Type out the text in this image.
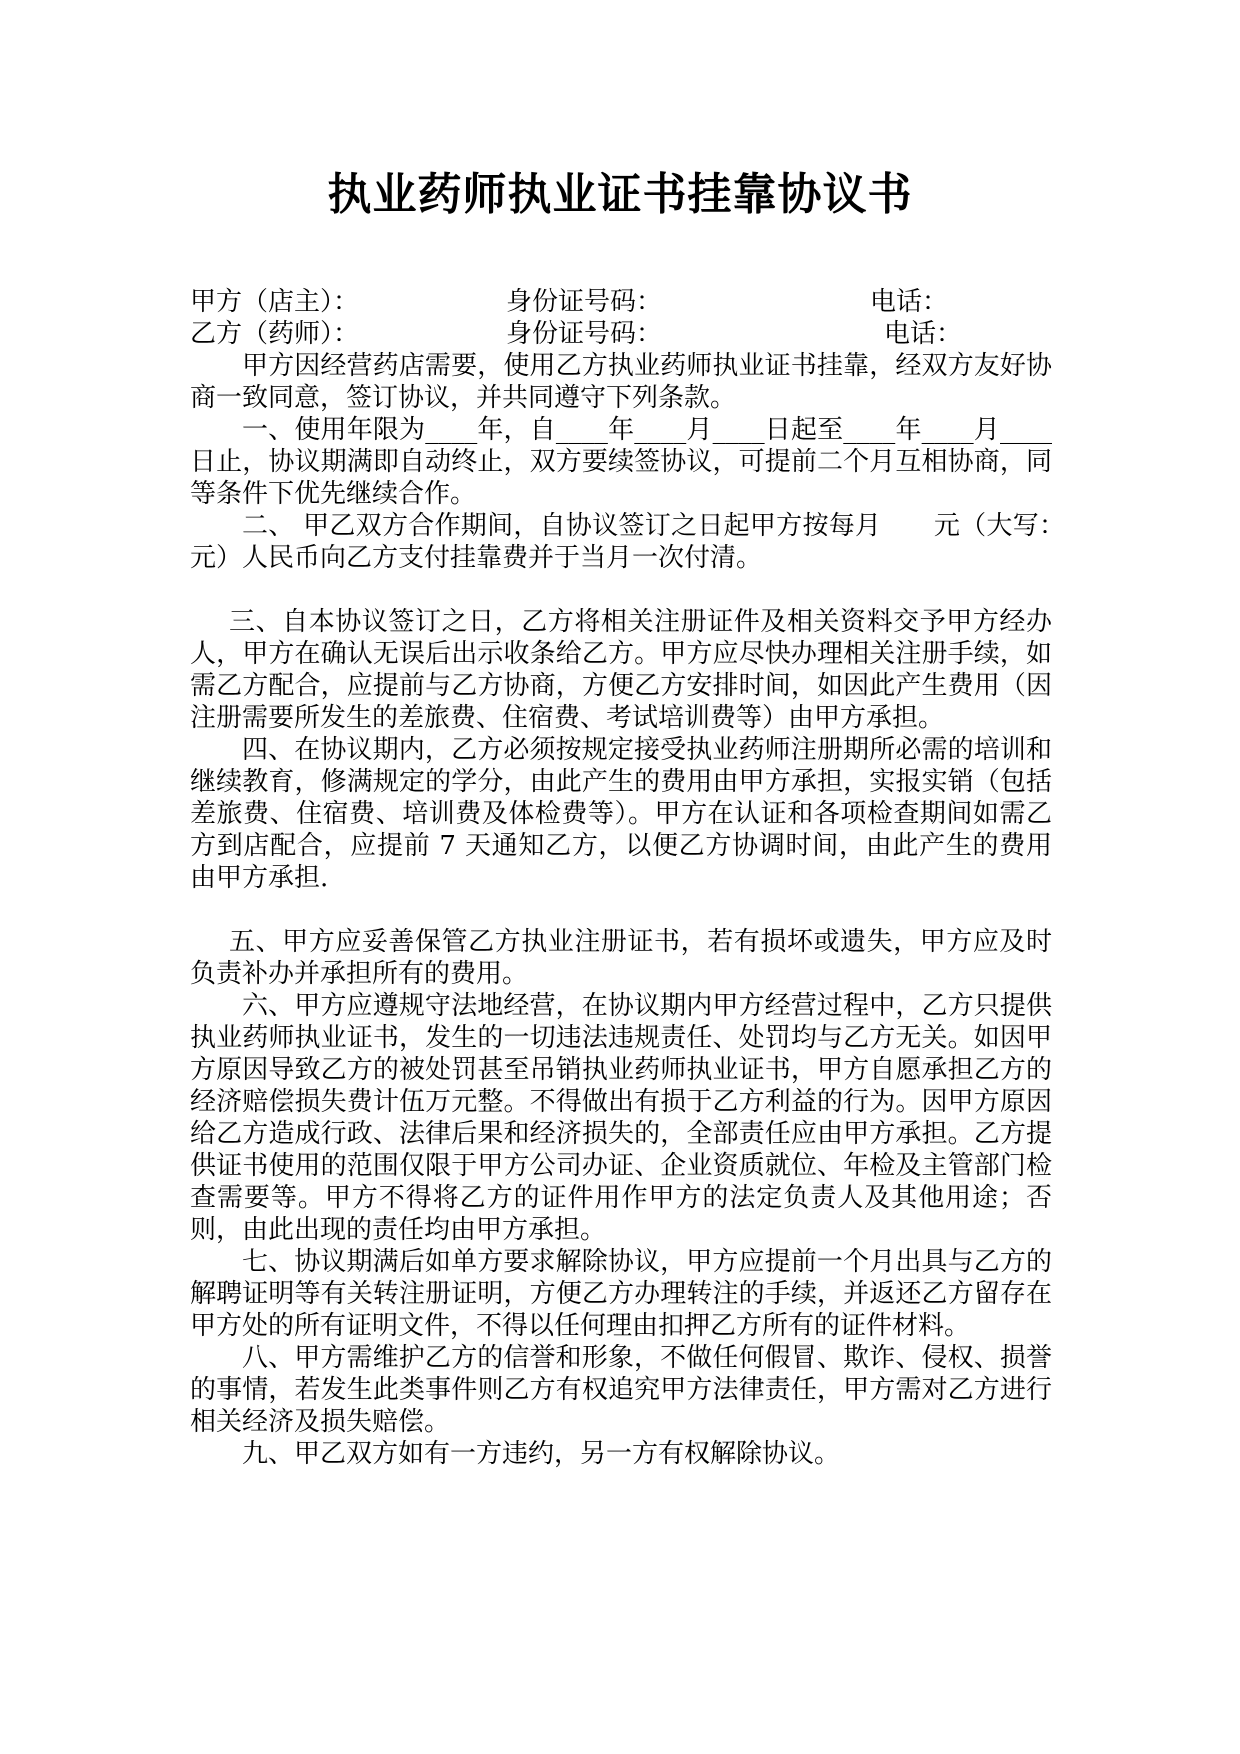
执业药师执业证书挂靠协议书
甲方（店主）：	身份证号码：	电话：
乙方（药师）：	身份证号码：	电话：

甲方因经营药店需要，使用乙方执业药师执业证书挂靠，经双方友好协商一致同意，签订协议，并共同遵守下列条款。

一、使用年限为____年，自____年____月____日起至____年____月____日止，协议期满即自动终止，双方要续签协议，可提前二个月互相协商，同等条件下优先继续合作。

二、 甲乙双方合作期间，自协议签订之日起甲方按每月　　元（大写：　　　元）人民币向乙方支付挂靠费并于当月一次付清。

三、自本协议签订之日，乙方将相关注册证件及相关资料交予甲方经办人，甲方在确认无误后出示收条给乙方。甲方应尽快办理相关注册手续，如需乙方配合，应提前与乙方协商，方便乙方安排时间，如因此产生费用（因注册需要所发生的差旅费、住宿费、考试培训费等）由甲方承担。

四、在协议期内，乙方必须按规定接受执业药师注册期所必需的培训和继续教育，修满规定的学分，由此产生的费用由甲方承担，实报实销（包括差旅费、住宿费、培训费及体检费等）。甲方在认证和各项检查期间如需乙方到店配合，应提前 7 天通知乙方，以便乙方协调时间，由此产生的费用由甲方承担.

五、甲方应妥善保管乙方执业注册证书，若有损坏或遗失，甲方应及时负责补办并承担所有的费用。

六、甲方应遵规守法地经营，在协议期内甲方经营过程中，乙方只提供执业药师执业证书，发生的一切违法违规责任、处罚均与乙方无关。如因甲方原因导致乙方的被处罚甚至吊销执业药师执业证书，甲方自愿承担乙方的经济赔偿损失费计伍万元整。不得做出有损于乙方利益的行为。因甲方原因给乙方造成行政、法律后果和经济损失的，全部责任应由甲方承担。乙方提供证书使用的范围仅限于甲方公司办证、企业资质就位、年检及主管部门检查需要等。甲方不得将乙方的证件用作甲方的法定负责人及其他用途；否则，由此出现的责任均由甲方承担。

七、协议期满后如单方要求解除协议，甲方应提前一个月出具与乙方的解聘证明等有关转注册证明，方便乙方办理转注的手续，并返还乙方留存在甲方处的所有证明文件，不得以任何理由扣押乙方所有的证件材料。

八、甲方需维护乙方的信誉和形象，不做任何假冒、欺诈、侵权、损誉的事情，若发生此类事件则乙方有权追究甲方法律责任，甲方需对乙方进行相关经济及损失赔偿。

九、甲乙双方如有一方违约，另一方有权解除协议。
